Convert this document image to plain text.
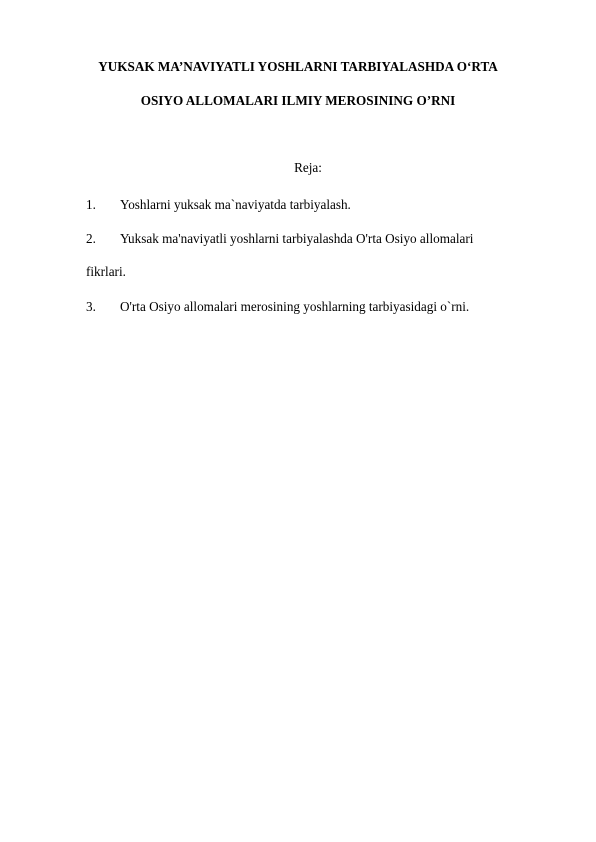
YUKSAK MA’NAVIYATLI YOSHLARNI TARBIYALASHDA O‘RTA
OSIYO ALLOMALARI ILMIY MEROSINING O’RNI
Reja:
1. Yoshlarni yuksak ma`naviyatda tarbiyalash.
2. Yuksak ma'naviyatli yoshlarni tarbiyalashda O'rta Osiyo allomalari
fikrlari.
3. O'rta Osiyo allomalari merosining yoshlarning tarbiyasidagi o`rni.
